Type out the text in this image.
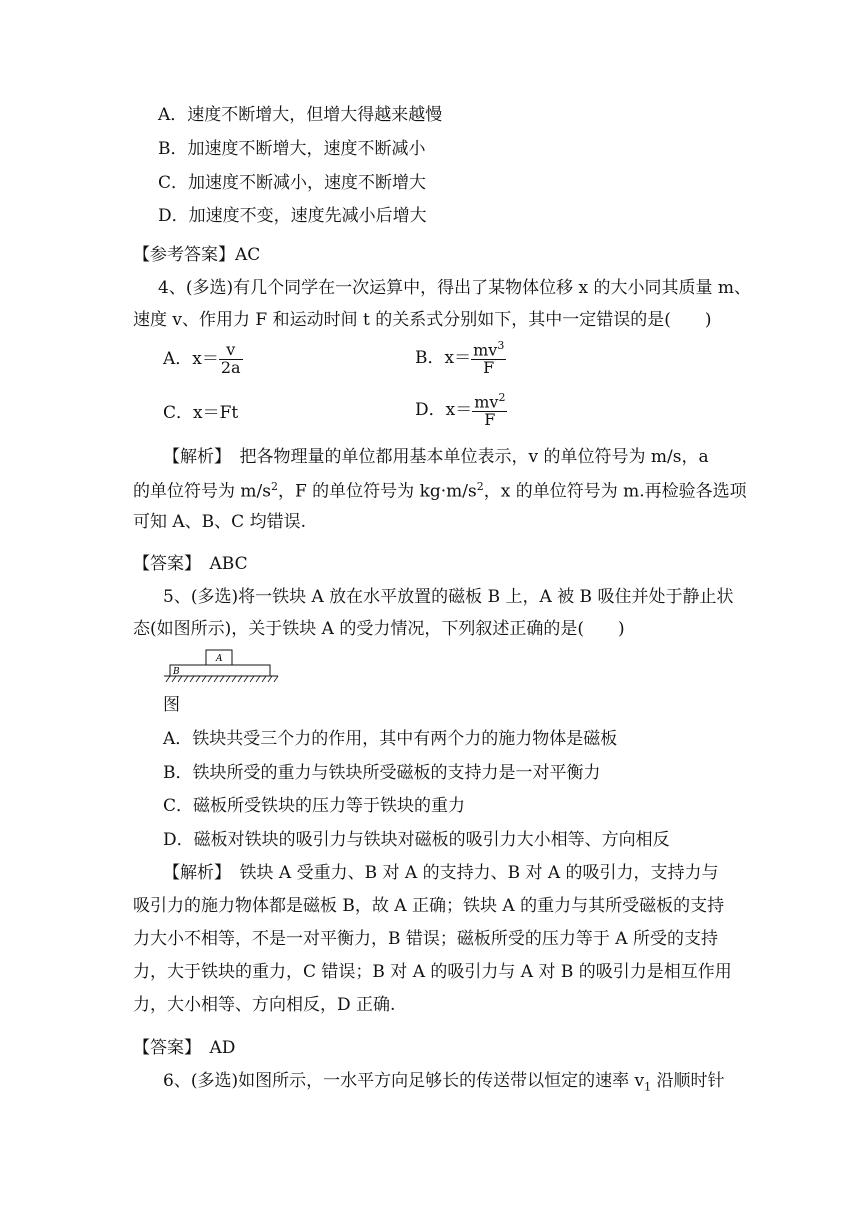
A．速度不断增大，但增大得越来越慢
B．加速度不断增大，速度不断减小
C．加速度不断减小，速度不断增大
D．加速度不变，速度先减小后增大
【参考答案】AC
4、(多选)有几个同学在一次运算中，得出了某物体位移 x 的大小同其质量 m、
速度 v、作用力 F 和运动时间 t 的关系式分别如下，其中一定错误的是(　　)
A．$x= \frac{v}{2a}$	B．$x= \frac{mv^3}{F}$
C．x＝Ft	D．$x= \frac{mv^2}{F}$
【解析】　把各物理量的单位都用基本单位表示，v 的单位符号为 m/s，a
的单位符号为 $m/s^2$，F 的单位符号为 $kg\cdot m/s^2$，x 的单位符号为 m.再检验各选项
可知 A、B、C 均错误.
【答案】　ABC
5、(多选)将一铁块 A 放在水平放置的磁板 B 上，A 被 B 吸住并处于静止状
态(如图所示)，关于铁块 A 的受力情况，下列叙述正确的是(　　)
A
B
图
A．铁块共受三个力的作用，其中有两个力的施力物体是磁板
B．铁块所受的重力与铁块所受磁板的支持力是一对平衡力
C．磁板所受铁块的压力等于铁块的重力
D．磁板对铁块的吸引力与铁块对磁板的吸引力大小相等、方向相反
【解析】　铁块 A 受重力、B 对 A 的支持力、B 对 A 的吸引力，支持力与
吸引力的施力物体都是磁板 B，故 A 正确；铁块 A 的重力与其所受磁板的支持
力大小不相等，不是一对平衡力，B 错误；磁板所受的压力等于 A 所受的支持
力，大于铁块的重力，C 错误；B 对 A 的吸引力与 A 对 B 的吸引力是相互作用
力，大小相等、方向相反，D 正确.
【答案】　AD
6、(多选)如图所示，一水平方向足够长的传送带以恒定的速率 $v_1$ 沿顺时针
